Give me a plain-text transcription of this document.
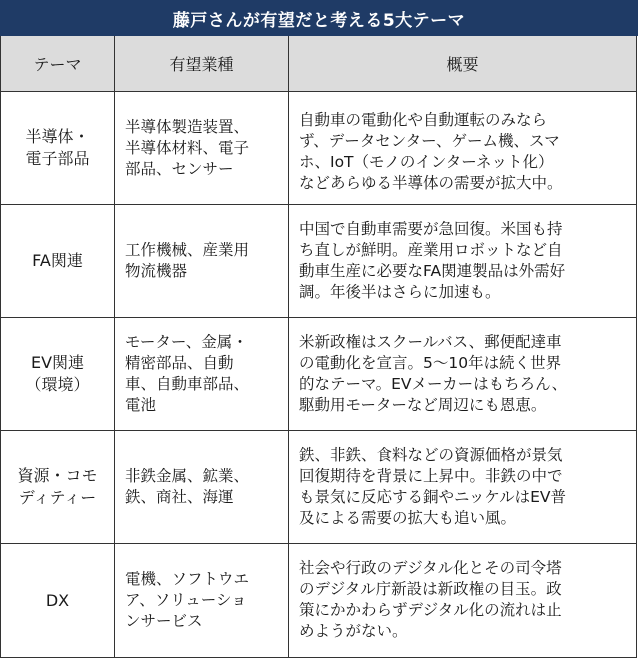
藤戸さんが有望だと考える5大テーマ
テーマ	有望業種	概要
半導体・
電子部品
半導体製造装置、
半導体材料、電子
部品、センサー
自動車の電動化や自動運転のみなら
ず、データセンター、ゲーム機、スマ
ホ、IoT（モノのインターネット化）
などあらゆる半導体の需要が拡大中。
FA関連
工作機械、産業用
物流機器
中国で自動車需要が急回復。米国も持
ち直しが鮮明。産業用ロボットなど自
動車生産に必要なFA関連製品は外需好
調。年後半はさらに加速も。
EV関連
（環境）
モーター、金属・
精密部品、自動
車、自動車部品、
電池
米新政権はスクールバス、郵便配達車
の電動化を宣言。5～10年は続く世界
的なテーマ。EVメーカーはもちろん、
駆動用モーターなど周辺にも恩恵。
資源・コモ
ディティー
非鉄金属、鉱業、
鉄、商社、海運
鉄、非鉄、食料などの資源価格が景気
回復期待を背景に上昇中。非鉄の中で
も景気に反応する銅やニッケルはEV普
及による需要の拡大も追い風。
DX
電機、ソフトウエ
ア、ソリューショ
ンサービス
社会や行政のデジタル化とその司令塔
のデジタル庁新設は新政権の目玉。政
策にかかわらずデジタル化の流れは止
めようがない。
